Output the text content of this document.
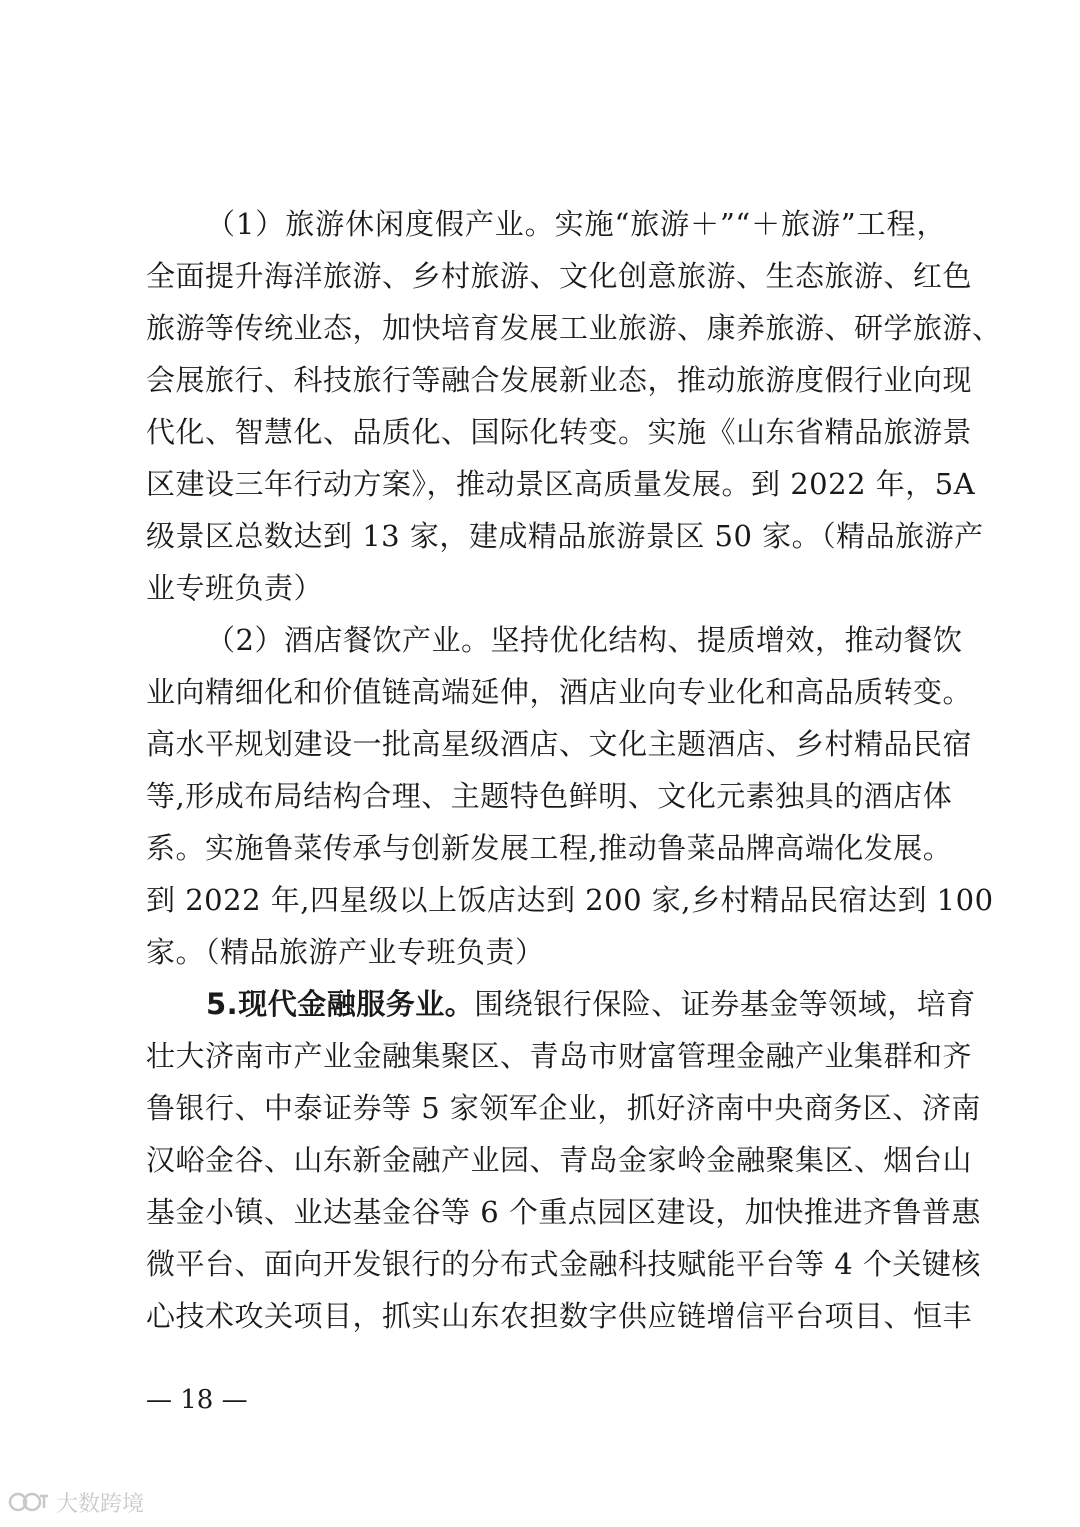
（1）旅游休闲度假产业。实施“旅游＋”“＋旅游”工程，
全面提升海洋旅游、乡村旅游、文化创意旅游、生态旅游、红色
旅游等传统业态，加快培育发展工业旅游、康养旅游、研学旅游、
会展旅行、科技旅行等融合发展新业态，推动旅游度假行业向现
代化、智慧化、品质化、国际化转变。实施《山东省精品旅游景
区建设三年行动方案》，推动景区高质量发展。到 2022 年，5A
级景区总数达到 13 家，建成精品旅游景区 50 家。（精品旅游产
业专班负责）
（2）酒店餐饮产业。坚持优化结构、提质增效，推动餐饮
业向精细化和价值链高端延伸，酒店业向专业化和高品质转变。
高水平规划建设一批高星级酒店、文化主题酒店、乡村精品民宿
等,形成布局结构合理、主题特色鲜明、文化元素独具的酒店体
系。实施鲁菜传承与创新发展工程,推动鲁菜品牌高端化发展。
到 2022 年,四星级以上饭店达到 200 家,乡村精品民宿达到 100
家。（精品旅游产业专班负责）
5.现代金融服务业。围绕银行保险、证券基金等领域，培育
壮大济南市产业金融集聚区、青岛市财富管理金融产业集群和齐
鲁银行、中泰证券等 5 家领军企业，抓好济南中央商务区、济南
汉峪金谷、山东新金融产业园、青岛金家岭金融聚集区、烟台山
基金小镇、业达基金谷等 6 个重点园区建设，加快推进齐鲁普惠
微平台、面向开发银行的分布式金融科技赋能平台等 4 个关键核
心技术攻关项目，抓实山东农担数字供应链增信平台项目、恒丰
— 18 —
大数跨境
